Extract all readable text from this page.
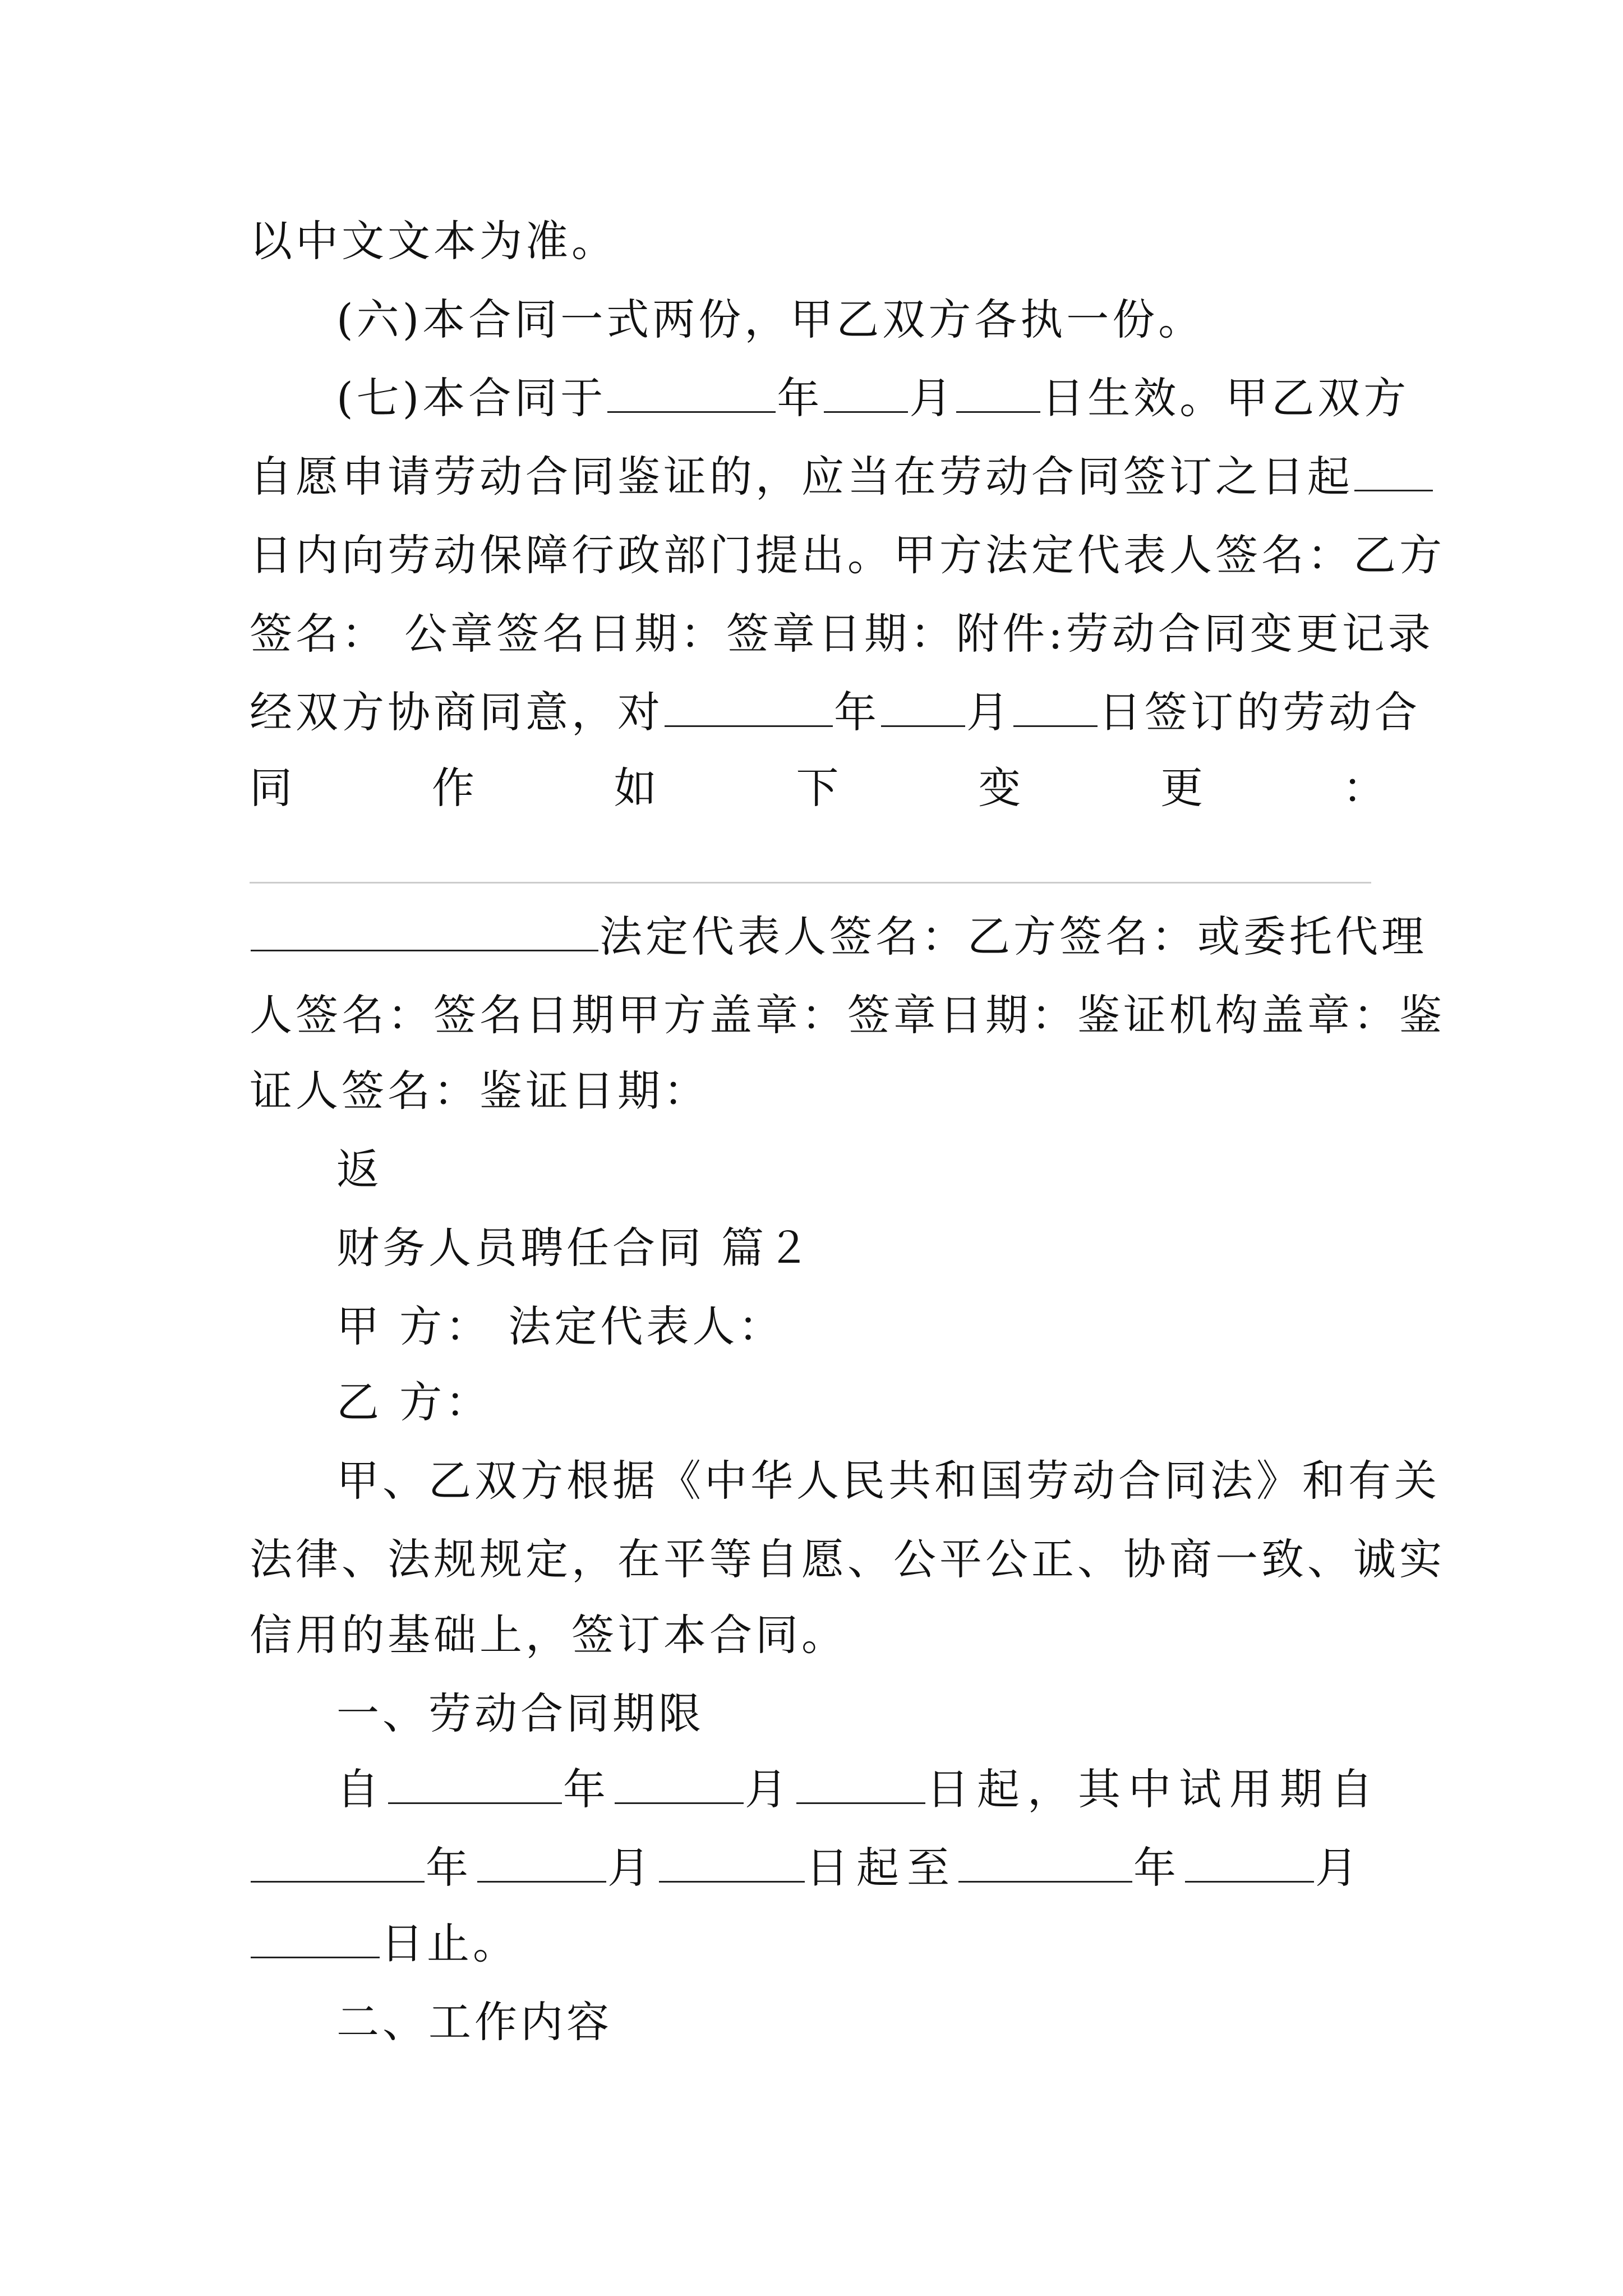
以中文文本为准。
(六)本合同一式两份，甲乙双方各执一份。
(七)本合同于	年 月 日生效。甲乙双方
自愿申请劳动合同鉴证的，应当在劳动合同签订之日起
日内向劳动保障行政部门提出。甲方法定代表人签名：乙方
签名： 公章签名日期：签章日期：附件:劳动合同变更记录
经双方协商同意，对	年 月 日签订的劳动合
同	作	如	下	变	更	：
法定代表人签名：乙方签名：或委托代理
人签名：签名日期甲方盖章：签章日期：鉴证机构盖章：鉴
证人签名：鉴证日期：
返
财务人员聘任合同 篇２
甲 方： 法定代表人：
乙 方：
甲、乙双方根据《中华人民共和国劳动合同法》和有关
法律、法规规定，在平等自愿、公平公正、协商一致、诚实
信用的基础上，签订本合同。
一、劳动合同期限
自	年	月	日起，其中试用期自
年	月	日起至	年	月
日止。
二、工作内容
